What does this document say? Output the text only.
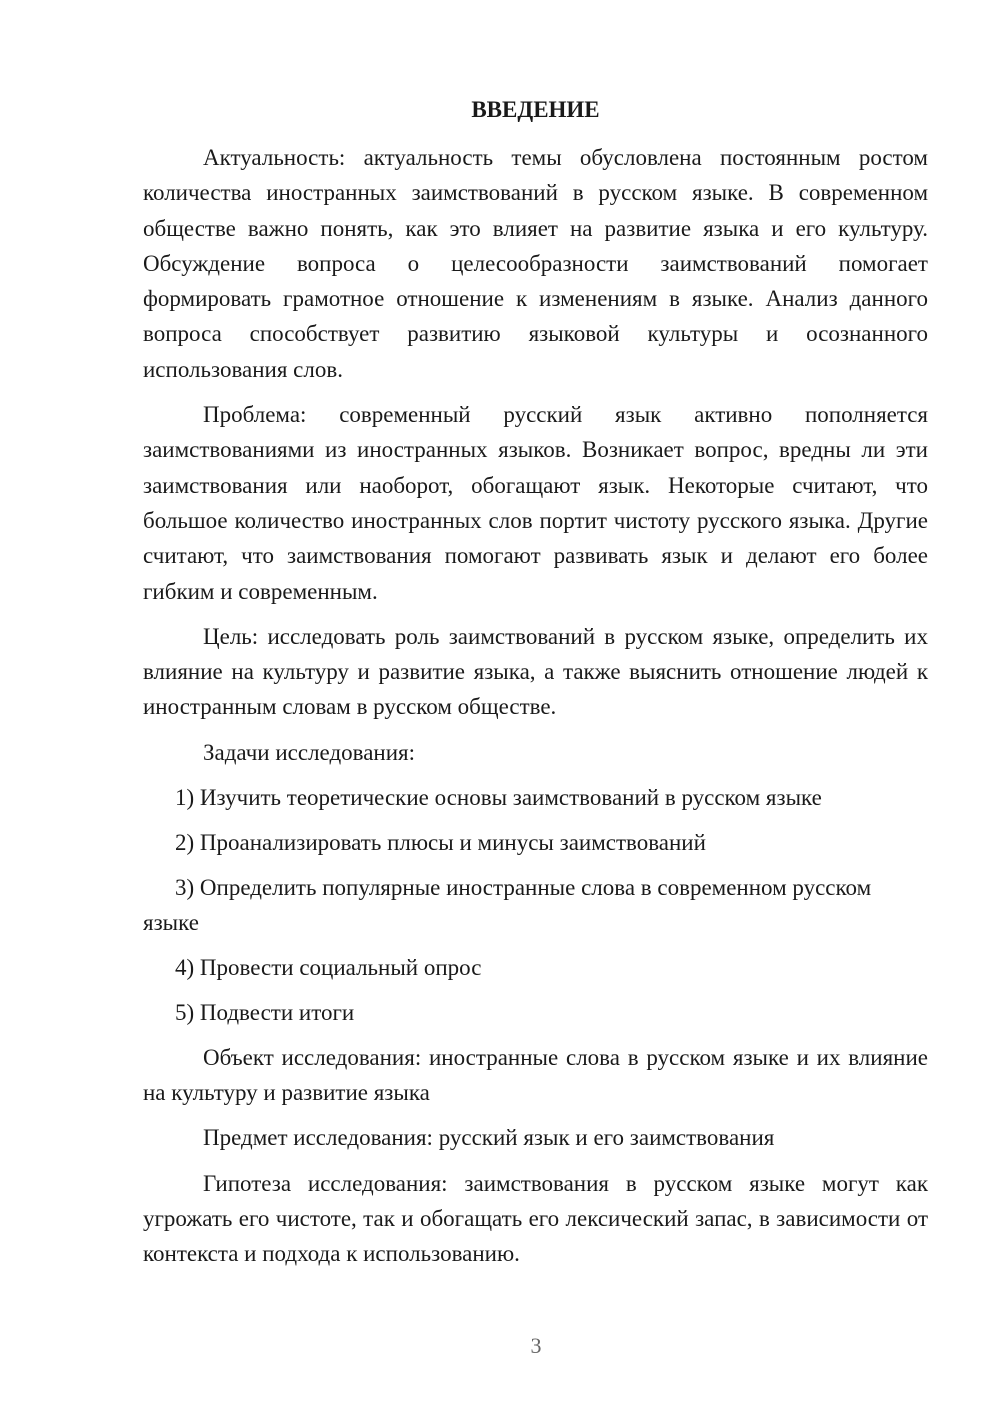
ВВЕДЕНИЕ

Актуальность: актуальность темы обусловлена постоянным ростом количества иностранных заимствований в русском языке. В современном обществе важно понять, как это влияет на развитие языка и его культуру. Обсуждение вопроса о целесообразности заимствований помогает формировать грамотное отношение к изменениям в языке. Анализ данного вопроса способствует развитию языковой культуры и осознанного использования слов.

Проблема: современный русский язык активно пополняется заимствованиями из иностранных языков. Возникает вопрос, вредны ли эти заимствования или наоборот, обогащают язык. Некоторые считают, что большое количество иностранных слов портит чистоту русского языка. Другие считают, что заимствования помогают развивать язык и делают его более гибким и современным.

Цель: исследовать роль заимствований в русском языке, определить их влияние на культуру и развитие языка, а также выяснить отношение людей к иностранным словам в русском обществе.

Задачи исследования:

1) Изучить теоретические основы заимствований в русском языке
2) Проанализировать плюсы и минусы заимствований
3) Определить популярные иностранные слова в современном русском языке
4) Провести социальный опрос
5) Подвести итоги

Объект исследования: иностранные слова в русском языке и их влияние на культуру и развитие языка

Предмет исследования: русский язык и его заимствования

Гипотеза исследования: заимствования в русском языке могут как угрожать его чистоте, так и обогащать его лексический запас, в зависимости от контекста и подхода к использованию.

3
